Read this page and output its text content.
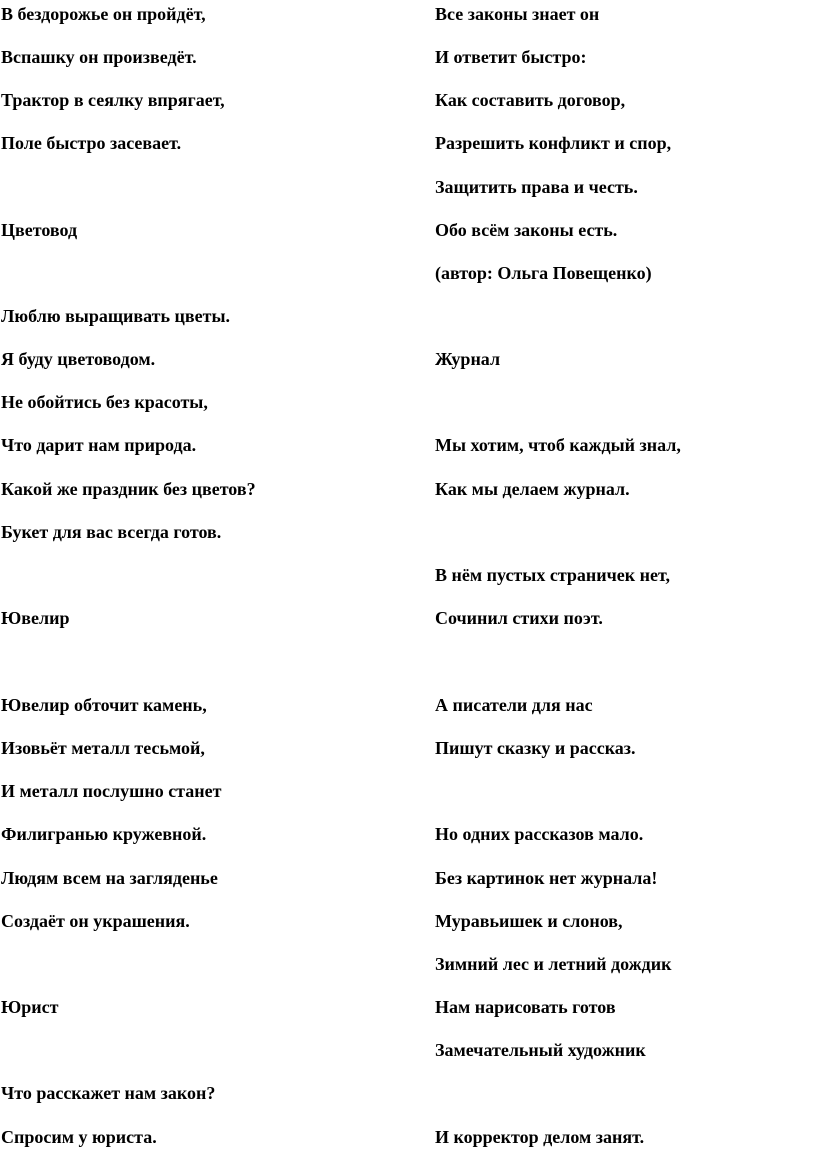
В бездорожье он пройдёт,
Вспашку он произведёт.
Трактор в сеялку впрягает,
Поле быстро засевает.
Цветовод
Люблю выращивать цветы.
Я буду цветоводом.
Не обойтись без красоты,
Что дарит нам природа.
Какой же праздник без цветов?
Букет для вас всегда готов.
Ювелир
Ювелир обточит камень,
Изовьёт металл тесьмой,
И металл послушно станет
Филигранью кружевной.
Людям всем на загляденье
Создаёт он украшения.
Юрист
Что расскажет нам закон?
Спросим у юриста.
Все законы знает он
И ответит быстро:
Как составить договор,
Разрешить конфликт и спор,
Защитить права и честь.
Обо всём законы есть.
(автор: Ольга Повещенко)
Журнал
Мы хотим, чтоб каждый знал,
Как мы делаем журнал.
В нём пустых страничек нет,
Сочинил стихи поэт.
А писатели для нас
Пишут сказку и рассказ.
Но одних рассказов мало.
Без картинок нет журнала!
Муравьишек и слонов,
Зимний лес и летний дождик
Нам нарисовать готов
Замечательный художник
И корректор делом занят.
